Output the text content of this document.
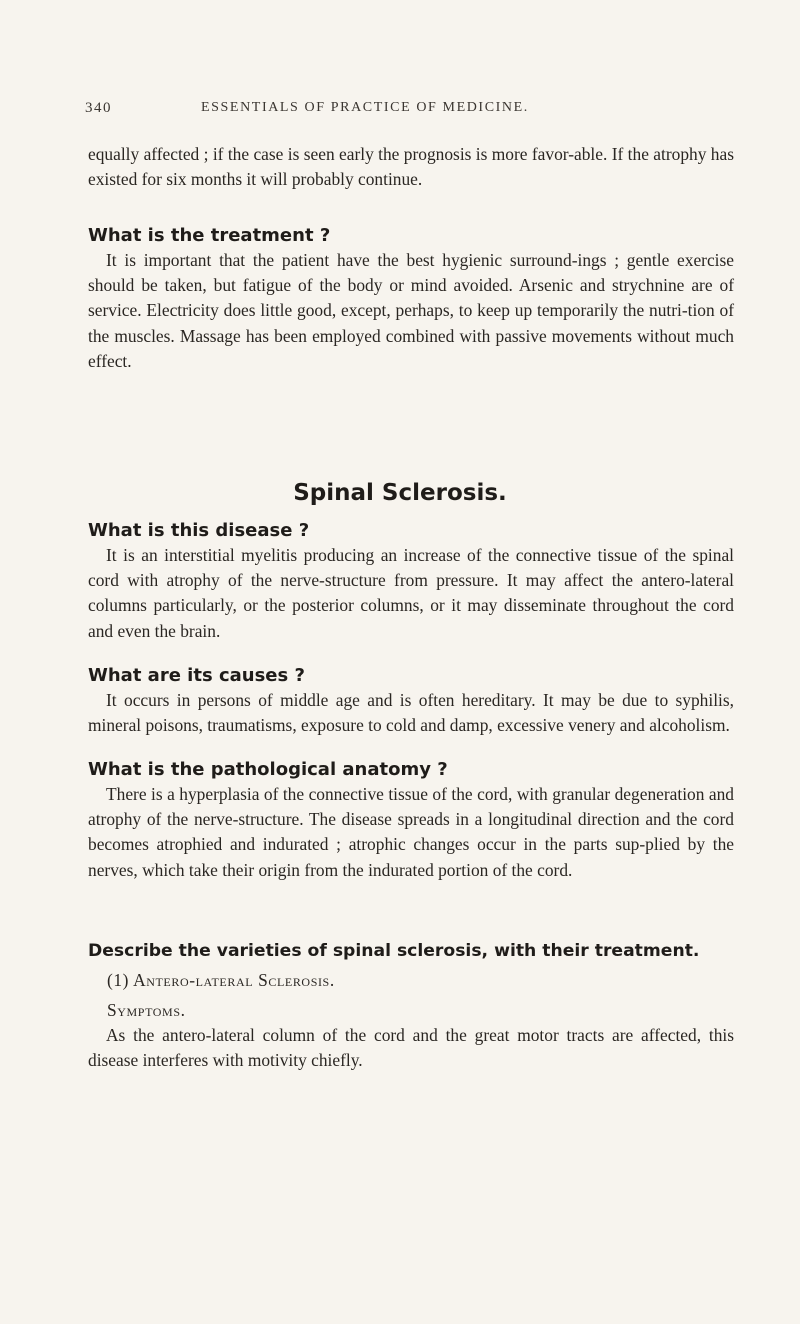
340	ESSENTIALS OF PRACTICE OF MEDICINE.

equally affected ; if the case is seen early the prognosis is more favor-able. If the atrophy has existed for six months it will probably continue.

What is the treatment ?

It is important that the patient have the best hygienic surround-ings ; gentle exercise should be taken, but fatigue of the body or mind avoided. Arsenic and strychnine are of service. Electricity does little good, except, perhaps, to keep up temporarily the nutri-tion of the muscles. Massage has been employed combined with passive movements without much effect.

Spinal Sclerosis.

What is this disease ?

It is an interstitial myelitis producing an increase of the connective tissue of the spinal cord with atrophy of the nerve-structure from pressure. It may affect the antero-lateral columns particularly, or the posterior columns, or it may disseminate throughout the cord and even the brain.

What are its causes ?

It occurs in persons of middle age and is often hereditary. It may be due to syphilis, mineral poisons, traumatisms, exposure to cold and damp, excessive venery and alcoholism.

What is the pathological anatomy ?

There is a hyperplasia of the connective tissue of the cord, with granular degeneration and atrophy of the nerve-structure. The disease spreads in a longitudinal direction and the cord becomes atrophied and indurated ; atrophic changes occur in the parts sup-plied by the nerves, which take their origin from the indurated portion of the cord.

Describe the varieties of spinal sclerosis, with their treatment.

(1) Antero-lateral Sclerosis.

Symptoms.

As the antero-lateral column of the cord and the great motor tracts are affected, this disease interferes with motivity chiefly.
